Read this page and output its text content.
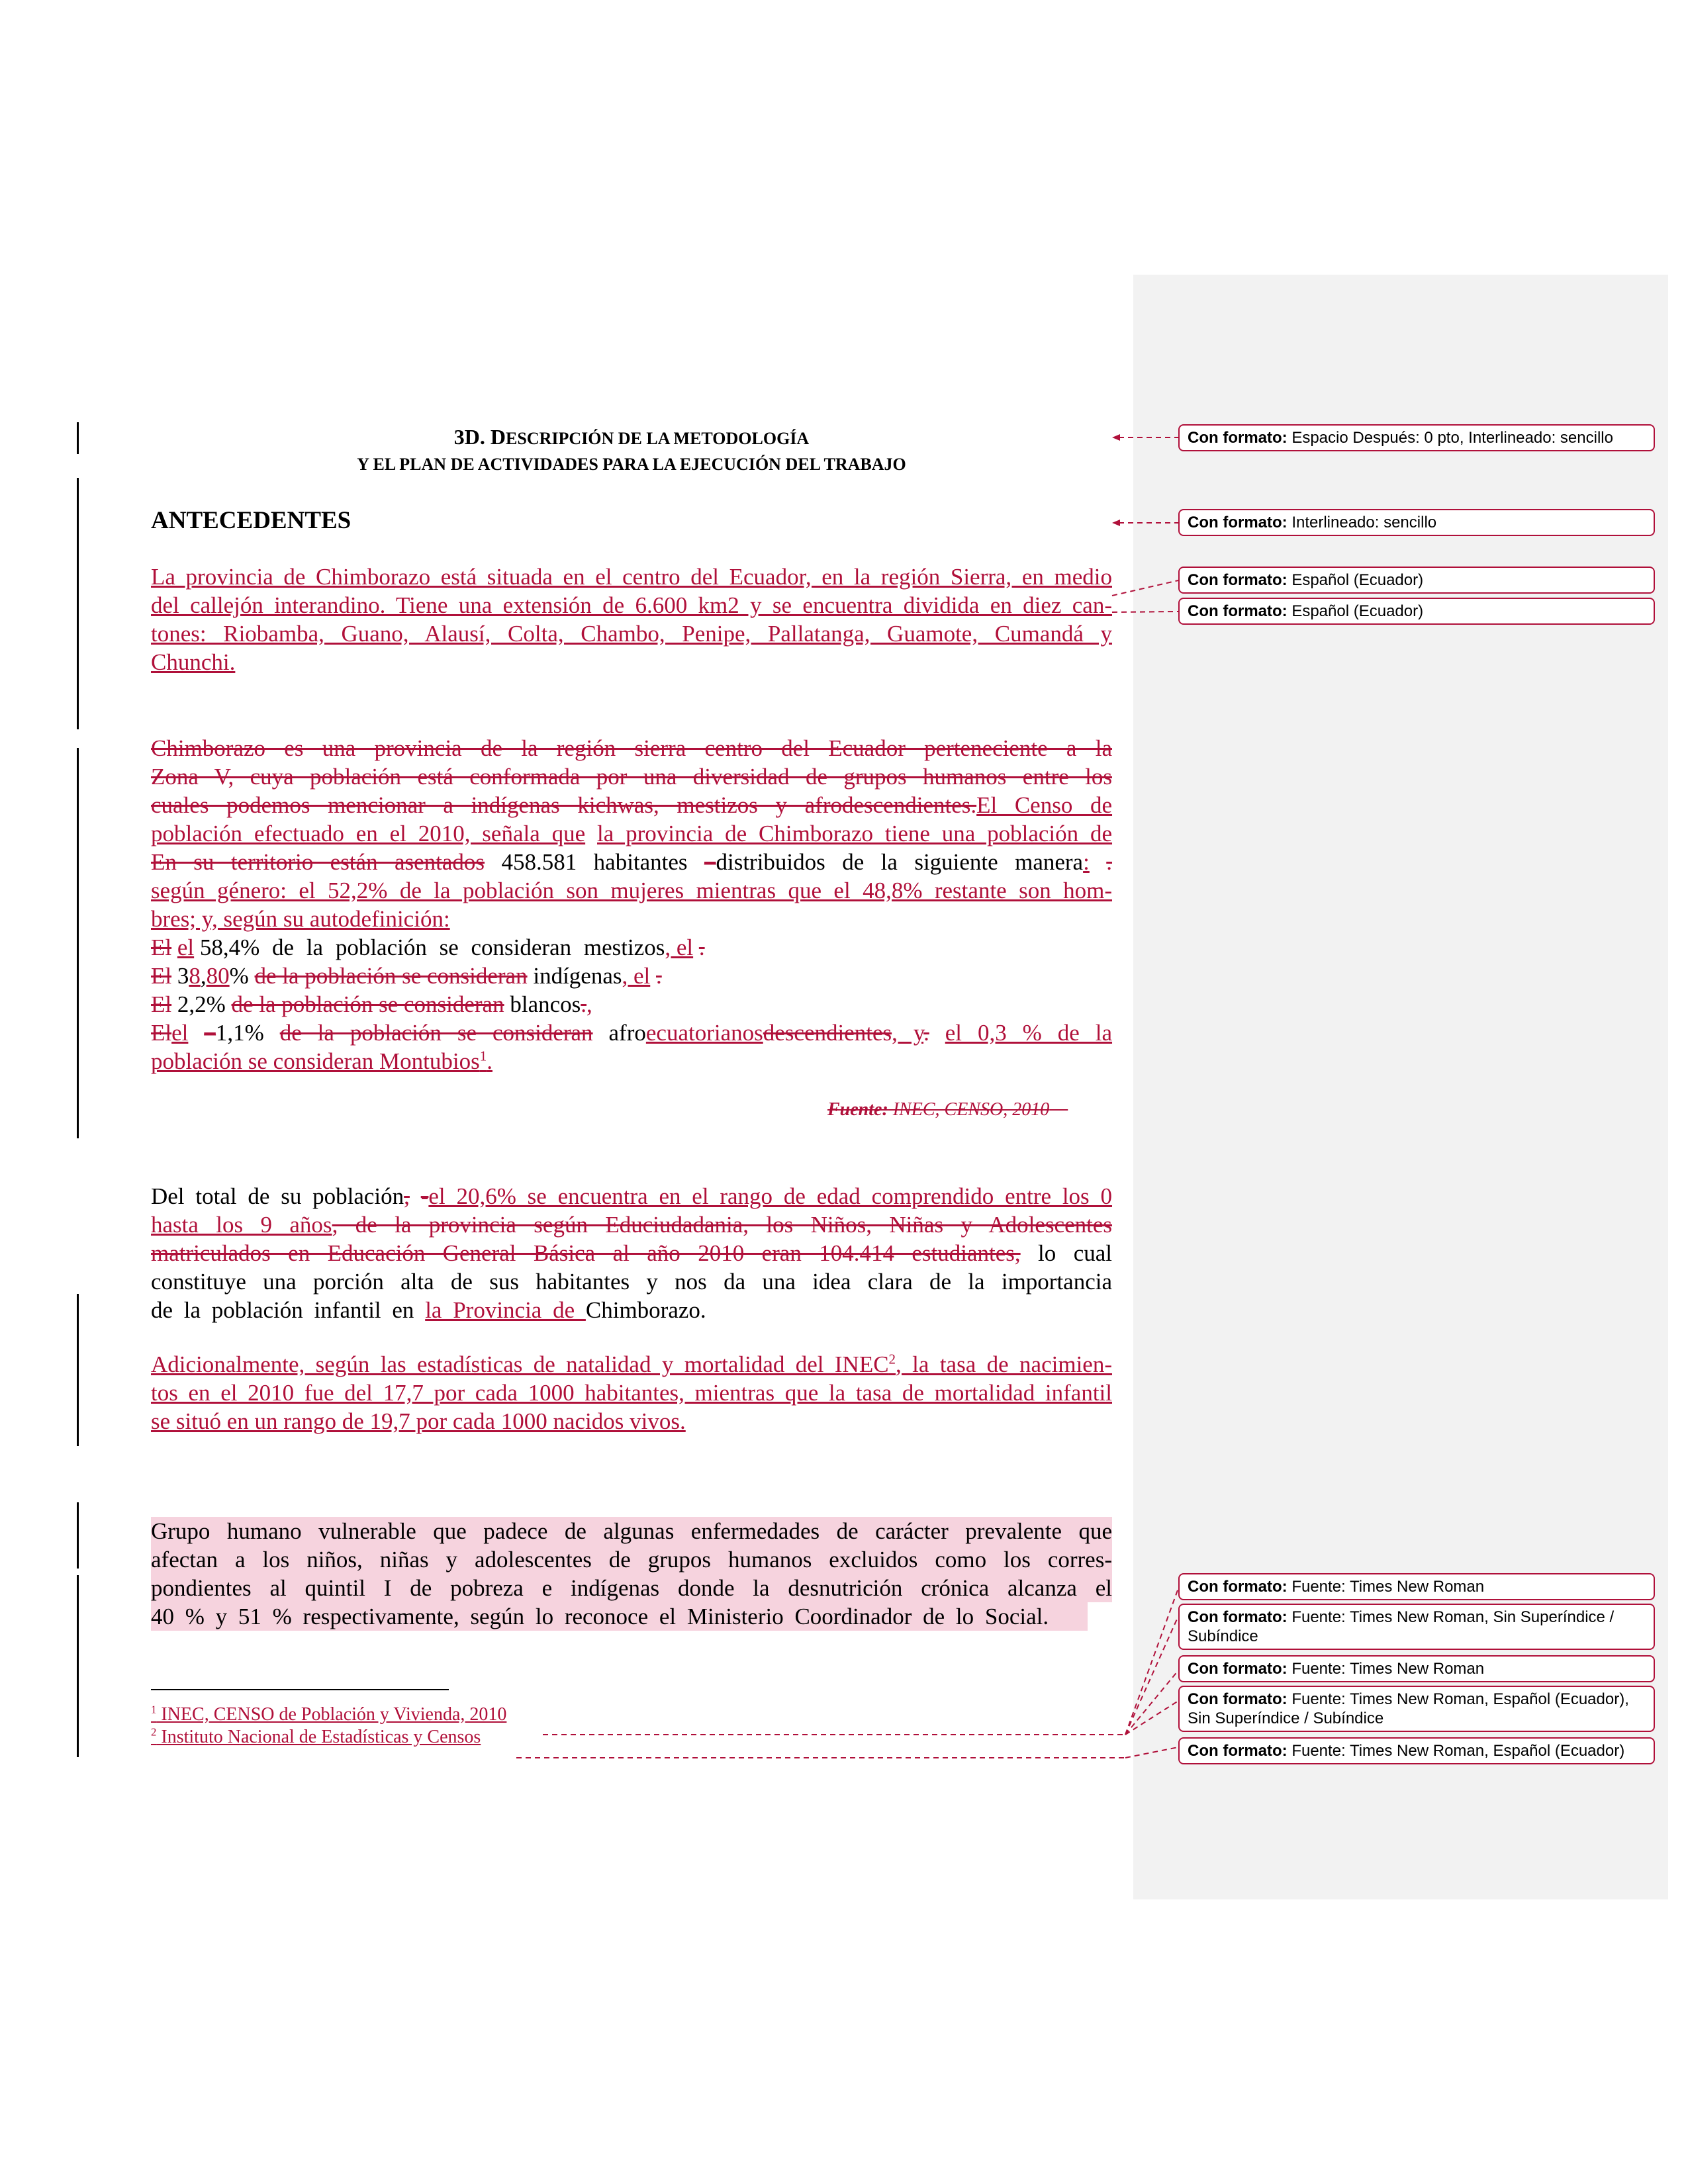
3D. DESCRIPCIÓN DE LA METODOLOGÍA
Y EL PLAN DE ACTIVIDADES PARA LA EJECUCIÓN DEL TRABAJO
ANTECEDENTES
La provincia de Chimborazo está situada en el centro del Ecuador, en la región Sierra, en medio
del callejón interandino. Tiene una extensión de 6.600 km2 y se encuentra dividida en diez can-
tones: Riobamba, Guano, Alausí, Colta, Chambo, Penipe, Pallatanga, Guamote, Cumandá y
Chunchi.
Chimborazo es una provincia de la región sierra centro del Ecuador perteneciente a la
Zona V, cuya población está conformada por una diversidad de grupos humanos entre los
cuales podemos mencionar a indígenas kichwas, mestizos y afrodescendientes.El Censo de
población efectuado en el 2010, señala que la provincia de Chimborazo tiene una población de
En su territorio están asentados 458.581 habitantes –distribuidos de la siguiente manera: .
según género: el 52,2% de la población son mujeres mientras que el 48,8% restante son hom-
bres; y, según su autodefinición:
El el 58,4% de la población se consideran mestizos, el .
El 38,80% de la población se consideran indígenas, el .
El 2,2% de la población se consideran blancos.,
Elel –1,1% de la población se consideran afroecuatorianosdescendientes, y. el 0,3 % de la
población se consideran Montubios$^1$.
Fuente: INEC, CENSO, 2010
Del total de su población, -el 20,6% se encuentra en el rango de edad comprendido entre los 0
hasta los 9 años, de la provincia según Educiudadania, los Niños, Niñas y Adolescentes
matriculados en Educación General Básica al año 2010 eran 104.414 estudiantes, lo cual
constituye una porción alta de sus habitantes y nos da una idea clara de la importancia
de la población infantil en la Provincia de Chimborazo.
Adicionalmente, según las estadísticas de natalidad y mortalidad del INEC$^2$, la tasa de nacimien-
tos en el 2010 fue del 17,7 por cada 1000 habitantes, mientras que la tasa de mortalidad infantil
se situó en un rango de 19,7 por cada 1000 nacidos vivos.
Grupo humano vulnerable que padece de algunas enfermedades de carácter prevalente que
afectan a los niños, niñas y adolescentes de grupos humanos excluidos como los corres-
pondientes al quintil I de pobreza e indígenas donde la desnutrición crónica alcanza el
40 % y 51 % respectivamente, según lo reconoce el Ministerio Coordinador de lo Social.
$^1$ INEC, CENSO de Población y Vivienda, 2010
$^2$ Instituto Nacional de Estadísticas y Censos
Con formato: Espacio Después: 0 pto, Interlineado: sencillo
Con formato: Interlineado: sencillo
Con formato: Español (Ecuador)
Con formato: Español (Ecuador)
Con formato: Fuente: Times New Roman
Con formato: Fuente: Times New Roman, Sin Superíndice / Subíndice
Con formato: Fuente: Times New Roman
Con formato: Fuente: Times New Roman, Español (Ecuador), Sin Superíndice / Subíndice
Con formato: Fuente: Times New Roman, Español (Ecuador)
